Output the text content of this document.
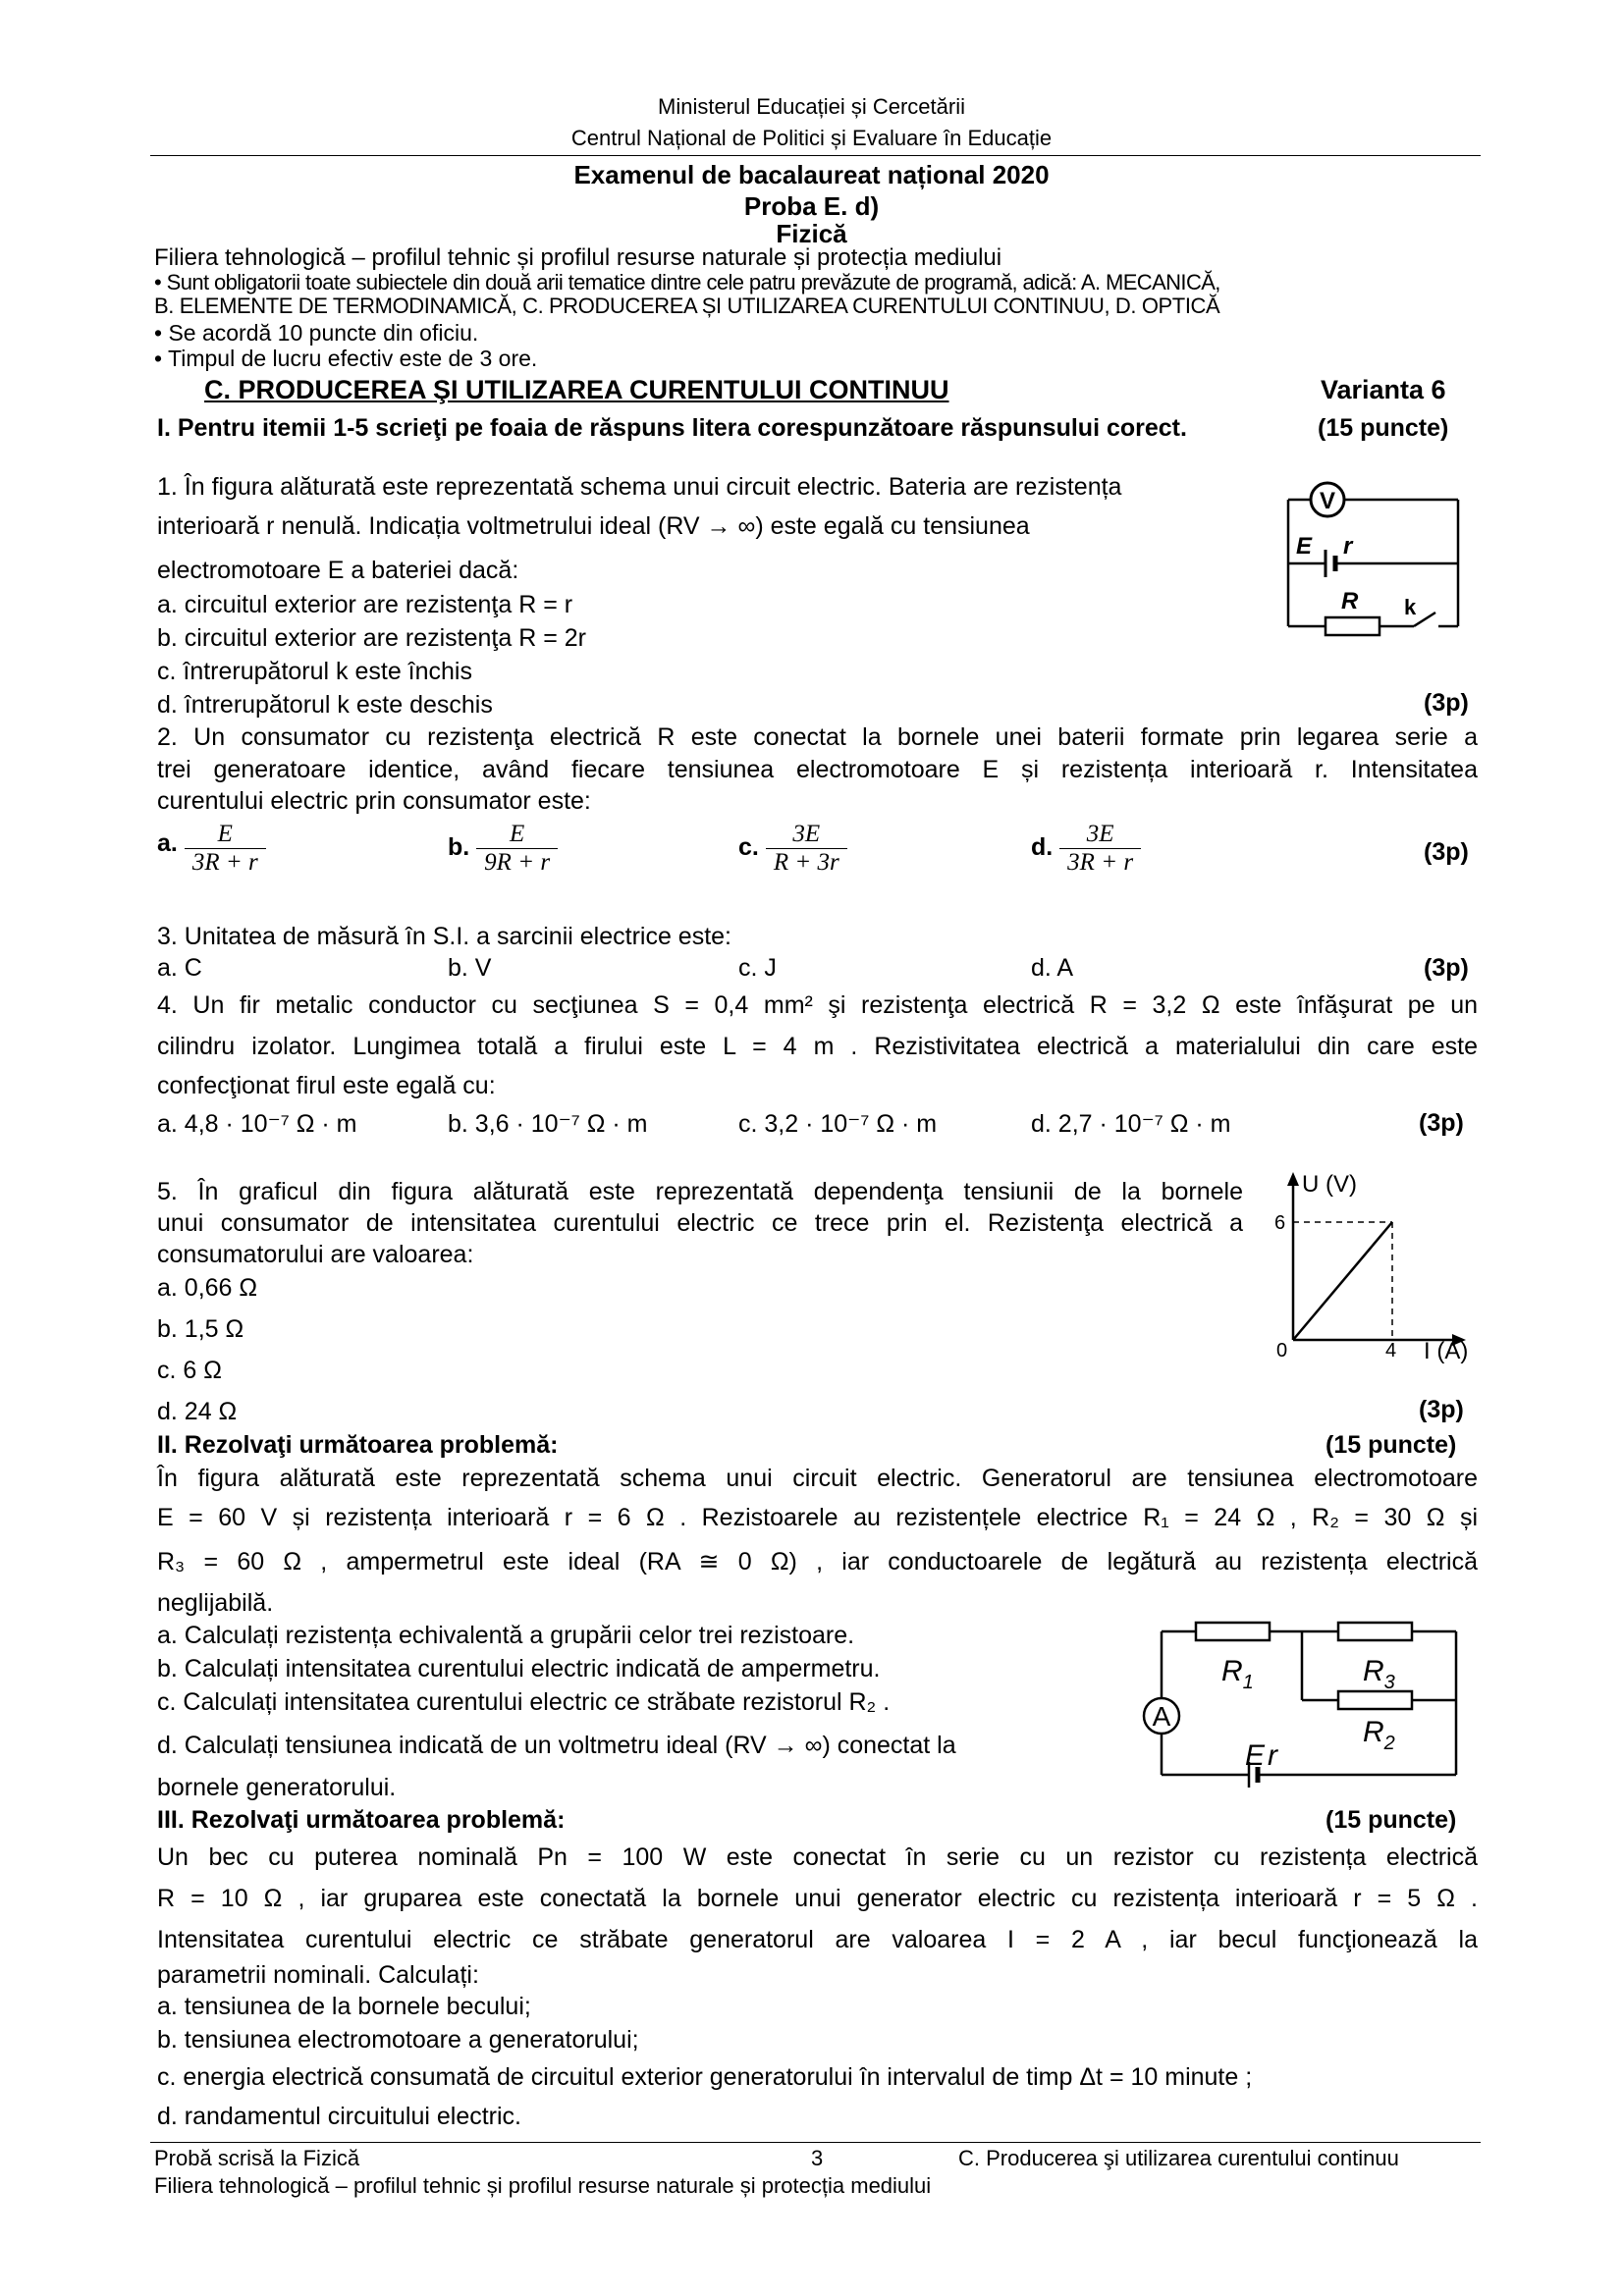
Ministerul Educației și Cercetării
Centrul Național de Politici și Evaluare în Educație
Examenul de bacalaureat național 2020
Proba E. d)
Fizică
Filiera tehnologică – profilul tehnic și profilul resurse naturale și protecția mediului
• Sunt obligatorii toate subiectele din două arii tematice dintre cele patru prevăzute de programă, adică: A. MECANICĂ,
B. ELEMENTE DE TERMODINAMICĂ, C. PRODUCEREA ȘI UTILIZAREA CURENTULUI CONTINUU, D. OPTICĂ
• Se acordă 10 puncte din oficiu.
• Timpul de lucru efectiv este de 3 ore.
C. PRODUCEREA ŞI UTILIZAREA CURENTULUI CONTINUU	Varianta 6
I. Pentru itemii 1-5 scrieţi pe foaia de răspuns litera corespunzătoare răspunsului corect.	(15 puncte)
1. În figura alăturată este reprezentată schema unui circuit electric. Bateria are rezistența
interioară r nenulă. Indicația voltmetrului ideal (RV → ∞) este egală cu tensiunea
electromotoare E a bateriei dacă:
a. circuitul exterior are rezistenţa R = r
b. circuitul exterior are rezistenţa R = 2r
c. întrerupătorul k este închis
d. întrerupătorul k este deschis	(3p)
V
E r
R k
2. Un consumator cu rezistenţa electrică R este conectat la bornele unei baterii formate prin legarea serie a
trei generatoare identice, având fiecare tensiunea electromotoare E și rezistența interioară r. Intensitatea
curentului electric prin consumator este:
a. $\frac{E}{3R + r}$	b. $\frac{E}{9R + r}$	c. $\frac{3E}{R + 3r}$	d. $\frac{3E}{3R + r}$	(3p)
3. Unitatea de măsură în S.I. a sarcinii electrice este:
a. C	b. V	c. J	d. A	(3p)
4. Un fir metalic conductor cu secţiunea S = 0,4 mm² şi rezistenţa electrică R = 3,2 Ω este înfăşurat pe un
cilindru izolator. Lungimea totală a firului este L = 4 m . Rezistivitatea electrică a materialului din care este
confecţionat firul este egală cu:
a. 4,8 · 10⁻⁷ Ω · m	b. 3,6 · 10⁻⁷ Ω · m	c. 3,2 · 10⁻⁷ Ω · m	d. 2,7 · 10⁻⁷ Ω · m	(3p)
5. În graficul din figura alăturată este reprezentată dependenţa tensiunii de la bornele
unui consumator de intensitatea curentului electric ce trece prin el. Rezistenţa electrică a
consumatorului are valoarea:
a. 0,66 Ω
b. 1,5 Ω
c. 6 Ω
d. 24 Ω	(3p)
U (V)
I (A)
6
4
0
II. Rezolvaţi următoarea problemă:	(15 puncte)
În figura alăturată este reprezentată schema unui circuit electric. Generatorul are tensiunea electromotoare
E = 60 V și rezistența interioară r = 6 Ω . Rezistoarele au rezistențele electrice R₁ = 24 Ω , R₂ = 30 Ω și
R₃ = 60 Ω , ampermetrul este ideal (RA ≅ 0 Ω) , iar conductoarele de legătură au rezistența electrică
neglijabilă.
a. Calculați rezistența echivalentă a grupării celor trei rezistoare.
b. Calculați intensitatea curentului electric indicată de ampermetru.
c. Calculați intensitatea curentului electric ce străbate rezistorul R₂ .
d. Calculați tensiunea indicată de un voltmetru ideal (RV → ∞) conectat la
bornele generatorului.
A
$R_1$	$R_3$
$R_2$
E r
III. Rezolvaţi următoarea problemă:	(15 puncte)
Un bec cu puterea nominală Pn = 100 W este conectat în serie cu un rezistor cu rezistența electrică
R = 10 Ω , iar gruparea este conectată la bornele unui generator electric cu rezistența interioară r = 5 Ω .
Intensitatea curentului electric ce străbate generatorul are valoarea I = 2 A , iar becul funcţionează la
parametrii nominali. Calculați:
a. tensiunea de la bornele becului;
b. tensiunea electromotoare a generatorului;
c. energia electrică consumată de circuitul exterior generatorului în intervalul de timp Δt = 10 minute ;
d. randamentul circuitului electric.
Probă scrisă la Fizică	3	C. Producerea şi utilizarea curentului continuu
Filiera tehnologică – profilul tehnic și profilul resurse naturale și protecția mediului
